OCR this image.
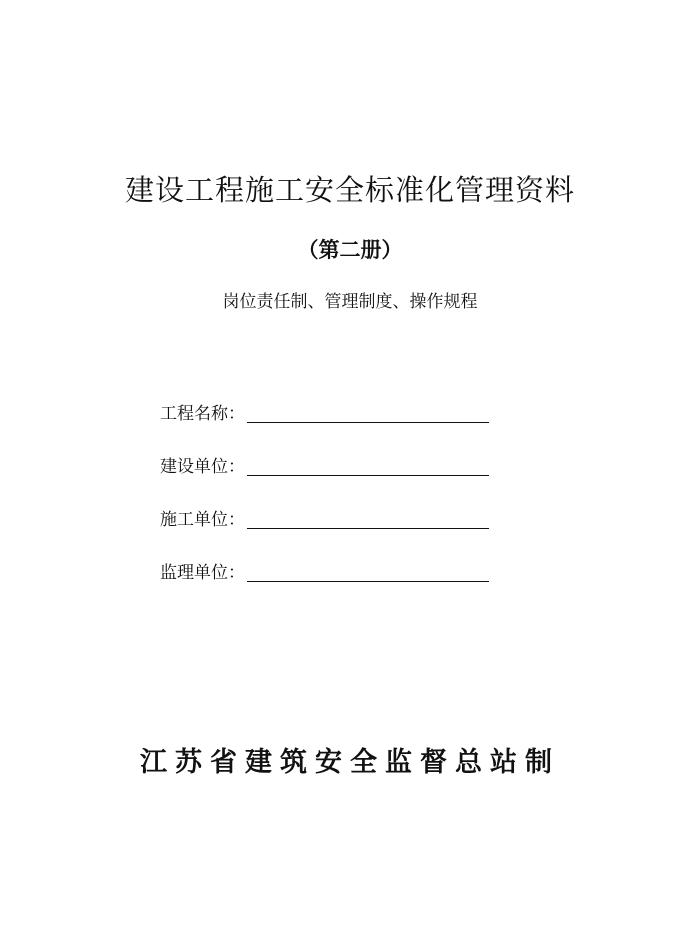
建设工程施工安全标准化管理资料
（第二册）
岗位责任制、管理制度、操作规程
工程名称：
建设单位：
施工单位：
监理单位：
江苏省建筑安全监督总站制
